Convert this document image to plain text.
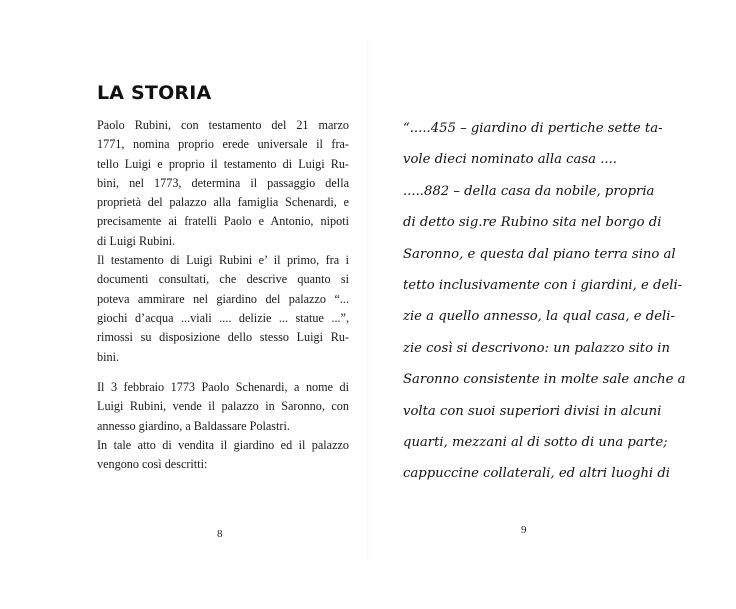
LA STORIA
Paolo Rubini, con testamento del 21 marzo
1771, nomina proprio erede universale il fra-
tello Luigi e proprio il testamento di Luigi Ru-
bini, nel 1773, determina il passaggio della
proprietà del palazzo alla famiglia Schenardi, e
precisamente ai fratelli Paolo e Antonio, nipoti
di Luigi Rubini.
Il testamento di Luigi Rubini e’ il primo, fra i
documenti consultati, che descrive quanto si
poteva ammirare nel giardino del palazzo “...
giochi d’acqua ...viali .... delizie ... statue ...”,
rimossi su disposizione dello stesso Luigi Ru-
bini.
Il 3 febbraio 1773 Paolo Schenardi, a nome di
Luigi Rubini, vende il palazzo in Saronno, con
annesso giardino, a Baldassare Polastri.
In tale atto di vendita il giardino ed il palazzo
vengono così descritti:
8	9
“.....455 – giardino di pertiche sette ta-
vole dieci nominato alla casa ....
.....882 – della casa da nobile, propria
di detto sig.re Rubino sita nel borgo di
Saronno, e questa dal piano terra sino al
tetto inclusivamente con i giardini, e deli-
zie a quello annesso, la qual casa, e deli-
zie così si descrivono: un palazzo sito in
Saronno consistente in molte sale anche a
volta con suoi superiori divisi in alcuni
quarti, mezzani al di sotto di una parte;
cappuccine collaterali, ed altri luoghi di
